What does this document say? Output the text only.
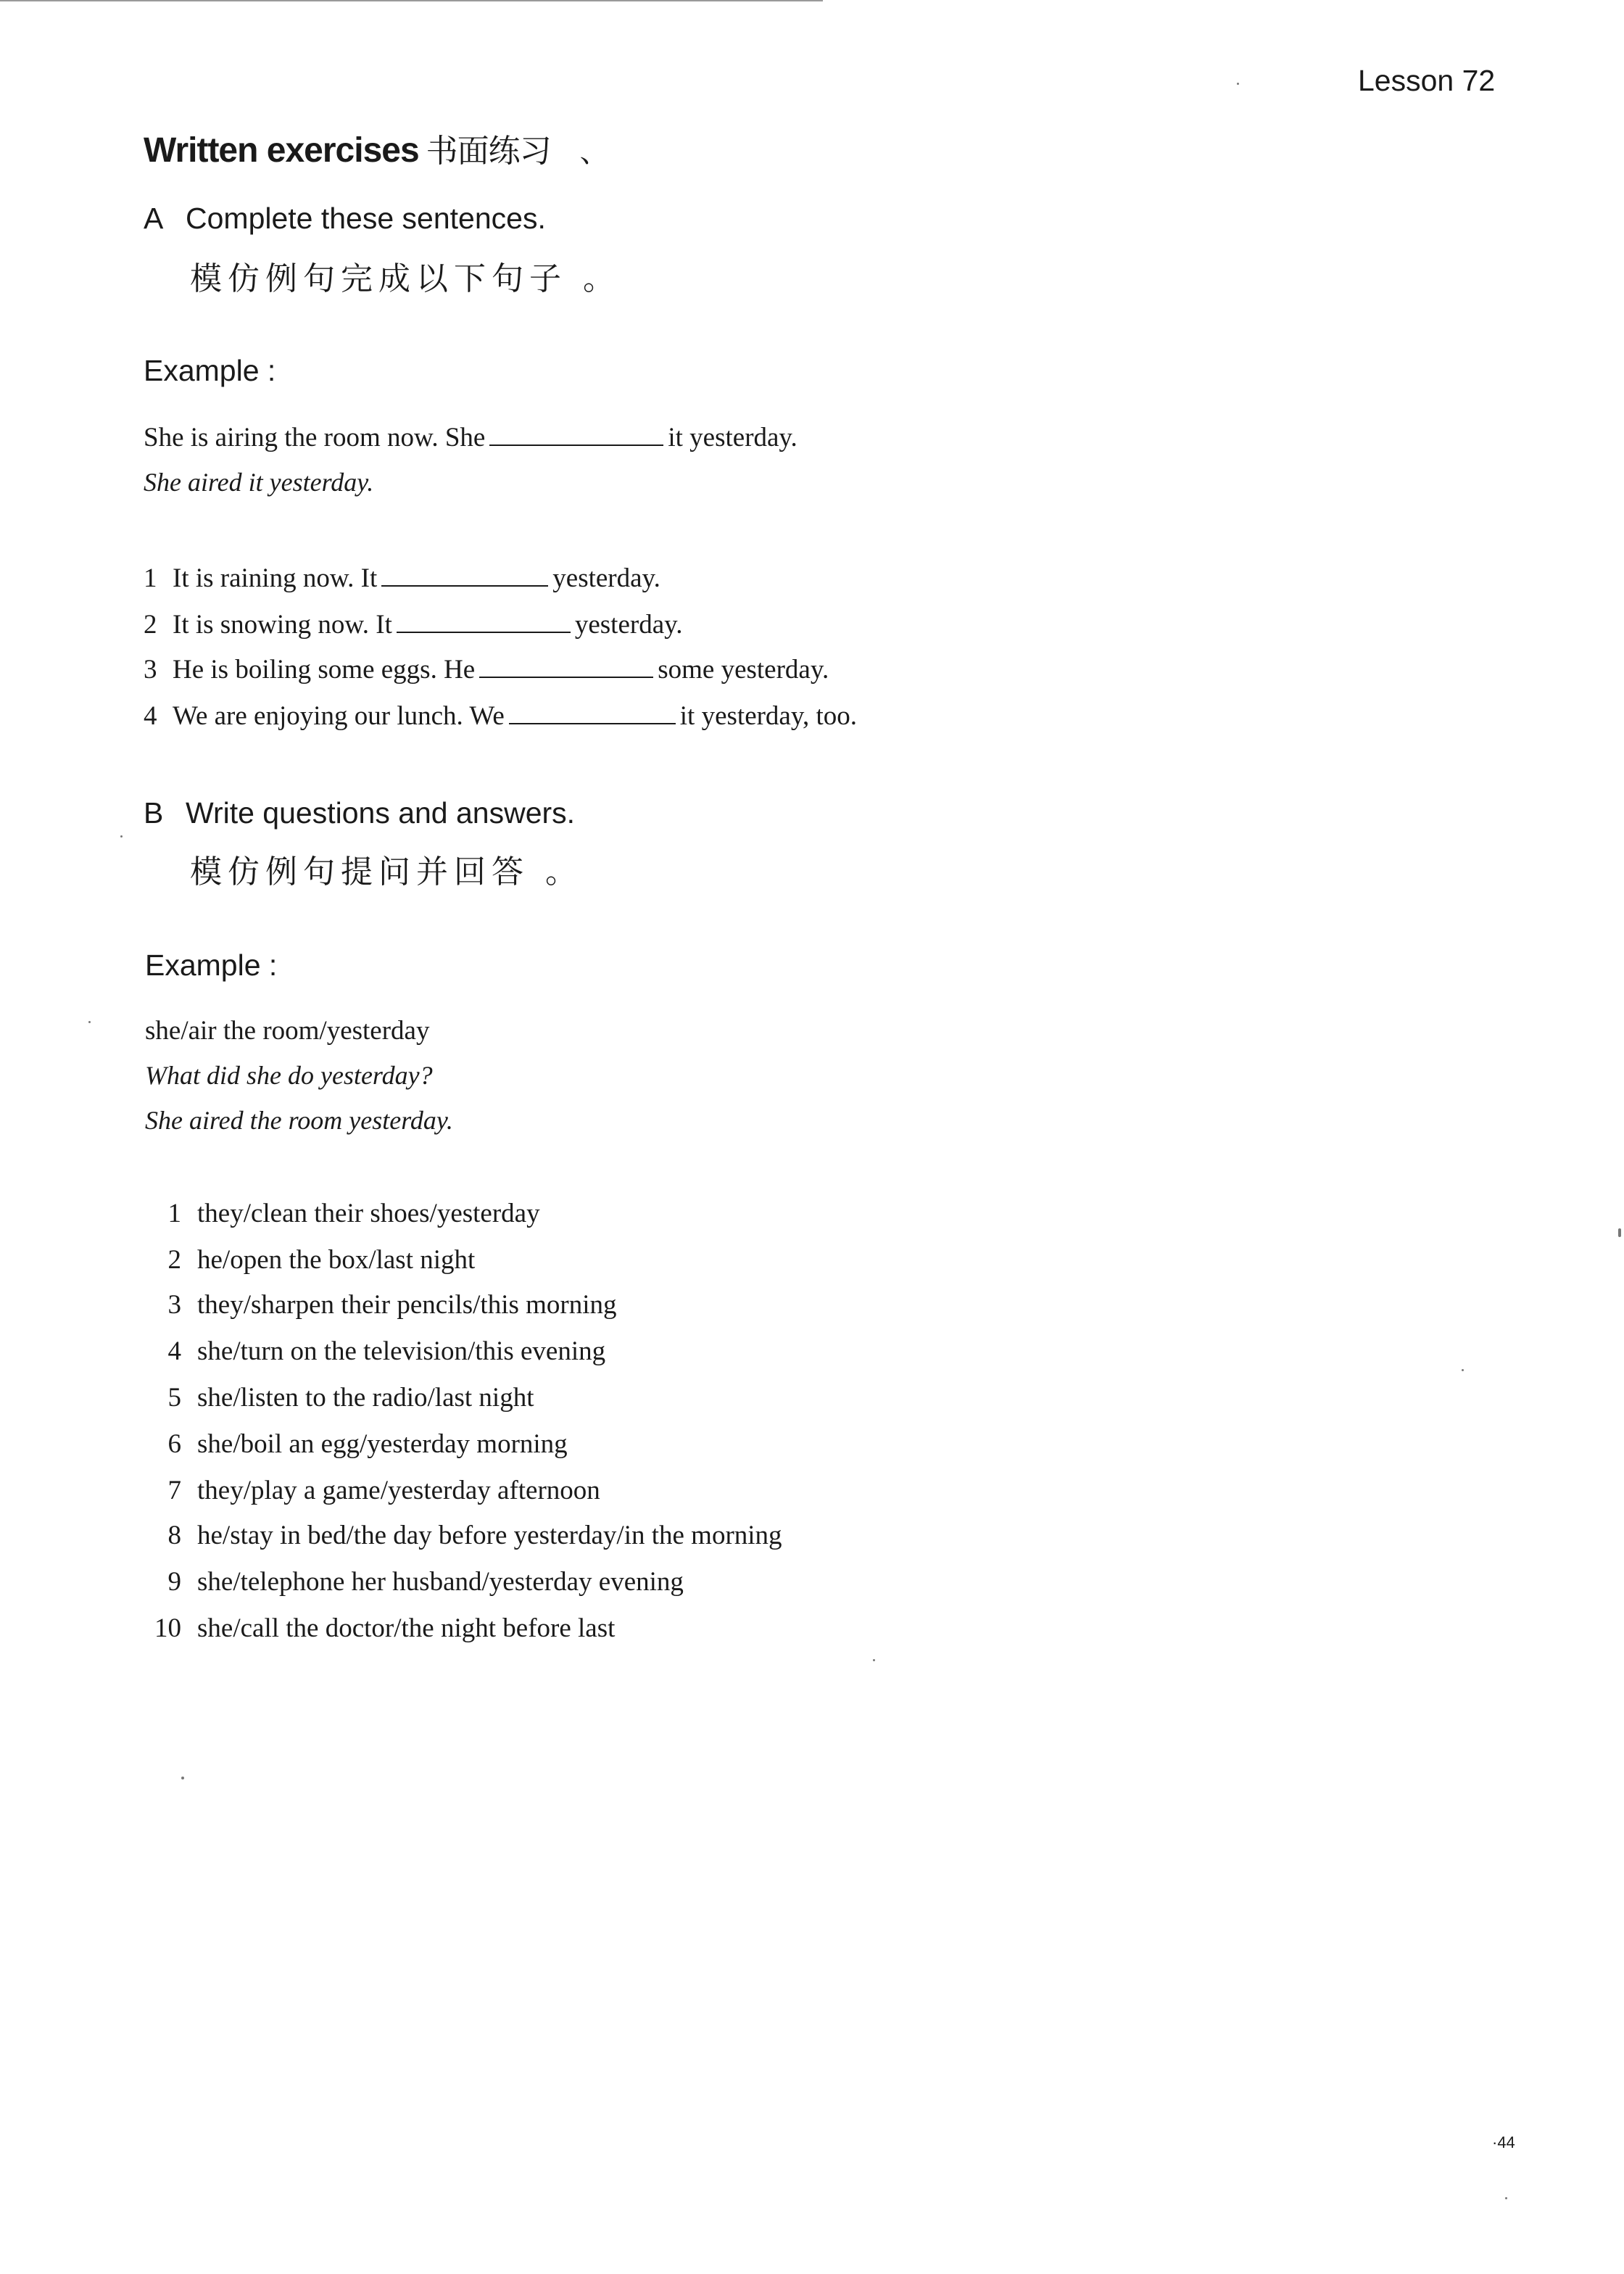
Lesson 72
Written exercises 书面练习 、
A Complete these sentences.
模仿例句完成以下句子 。
Example :
She is airing the room now. She	it yesterday.
She aired it yesterday.
1 It is raining now. It	yesterday.
2 It is snowing now. It	yesterday.
3 He is boiling some eggs. He	some yesterday.
4 We are enjoying our lunch. We	it yesterday, too.
B Write questions and answers.
模仿例句提问并回答 。
Example :
she/air the room/yesterday
What did she do yesterday?
She aired the room yesterday.
1 they/clean their shoes/yesterday
2 he/open the box/last night
3 they/sharpen their pencils/this morning
4 she/turn on the television/this evening
5 she/listen to the radio/last night
6 she/boil an egg/yesterday morning
7 they/play a game/yesterday afternoon
8 he/stay in bed/the day before yesterday/in the morning
9 she/telephone her husband/yesterday evening
10 she/call the doctor/the night before last
·44
